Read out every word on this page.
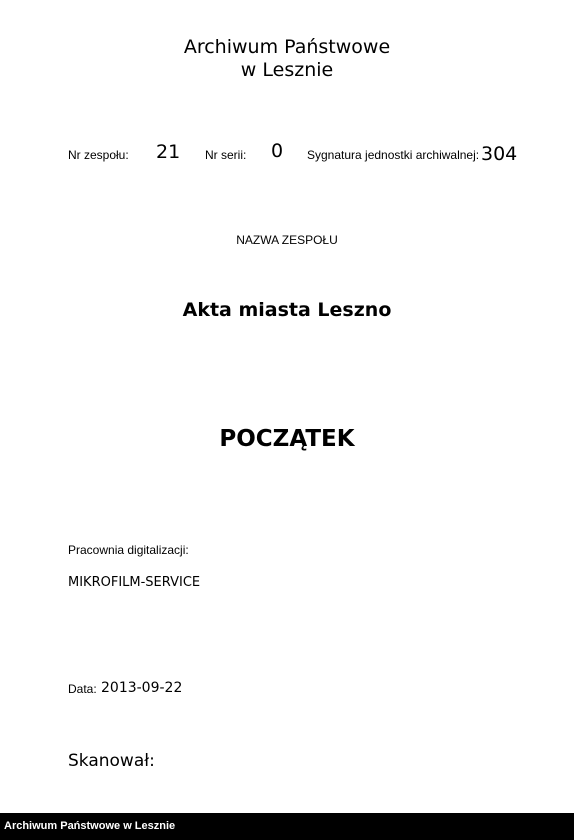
Archiwum Państwowe
w Lesznie
Nr zespołu: 21 Nr serii: 0 Sygnatura jednostki archiwalnej: 304
NAZWA ZESPOŁU
Akta miasta Leszno
POCZĄTEK
Pracownia digitalizacji:
MIKROFILM-SERVICE
Data: 2013-09-22
Skanował:
Archiwum Państwowe w Lesznie
